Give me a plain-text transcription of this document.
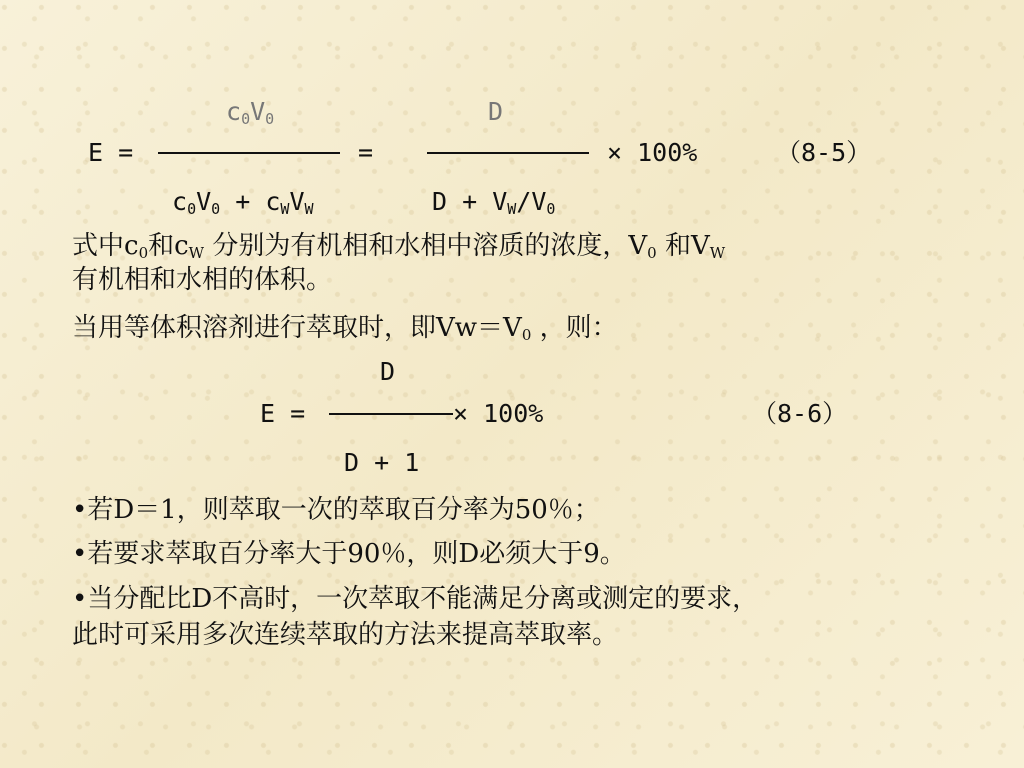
$c_0V_0$	D
E =	=	× 100%	（8-5）
$c_0V_0 + c_WV_W$	$D + V_W/V_0$
式中$c_0$和$c_W$ 分别为有机相和水相中溶质的浓度，$V_0$ 和$V_W$
有机相和水相的体积。
当用等体积溶剂进行萃取时，即$Vw=V_0$ ，则：
D
E =	× 100%	（8-6）
D + 1
•若D＝1，则萃取一次的萃取百分率为50％；
•若要求萃取百分率大于90％，则D必须大于9。
•当分配比D不高时，一次萃取不能满足分离或测定的要求，
此时可采用多次连续萃取的方法来提高萃取率。
